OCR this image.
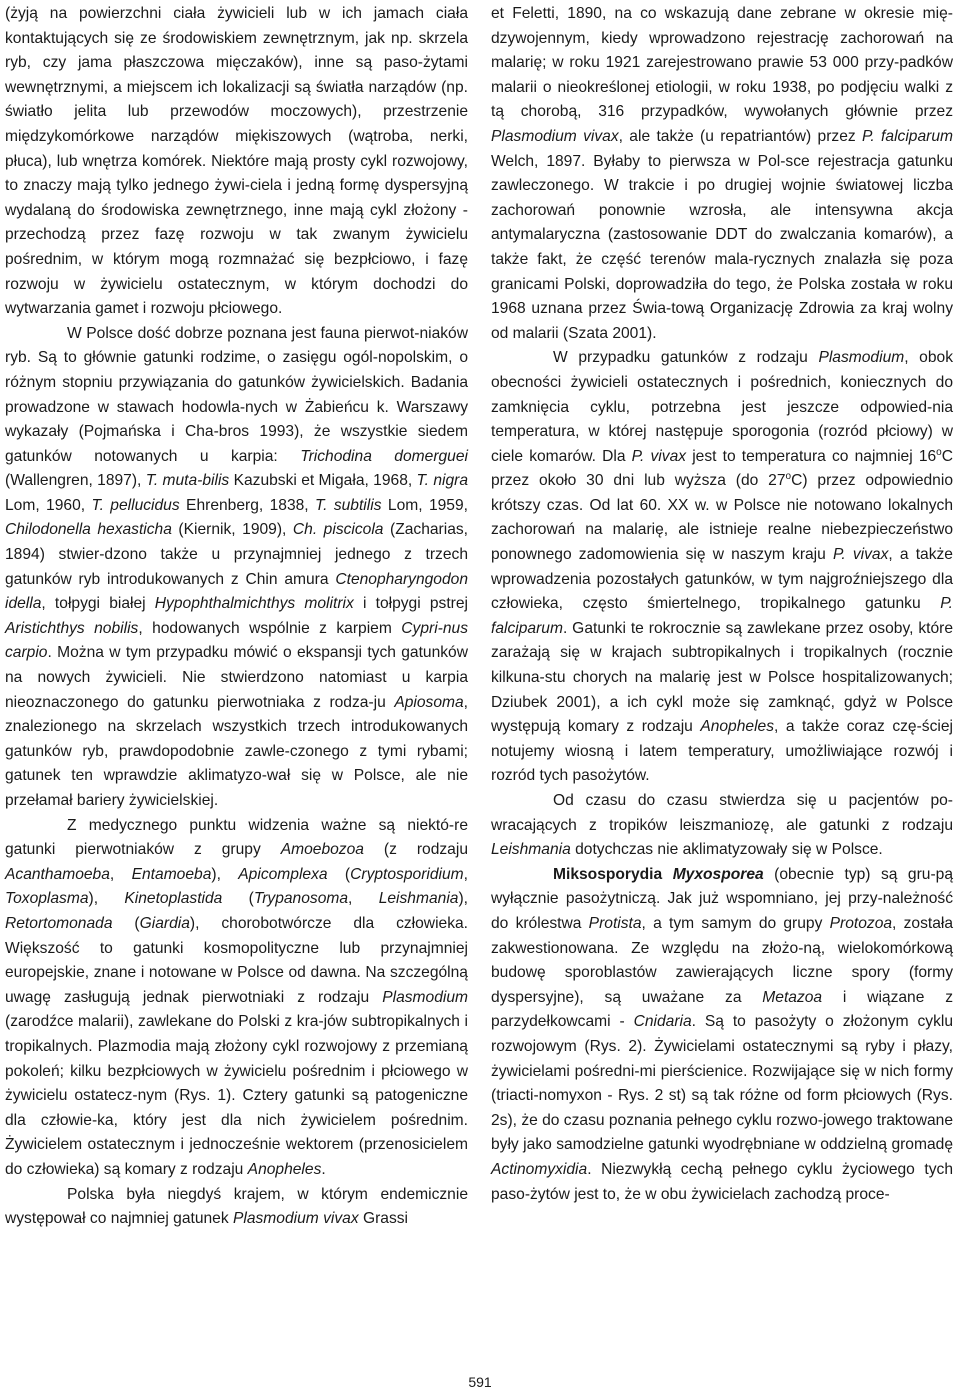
(żyją na powierzchni ciała żywicieli lub w ich jamach ciała kontaktujących się ze środowiskiem zewnętrznym, jak np. skrzela ryb, czy jama płaszczowa mięczaków), inne są paso-żytami wewnętrznymi, a miejscem ich lokalizacji są światła narządów (np. światło jelita lub przewodów moczowych), przestrzenie międzykomórkowe narządów miękiszowych (wątroba, nerki, płuca), lub wnętrza komórek. Niektóre mają prosty cykl rozwojowy, to znaczy mają tylko jednego żywi-ciela i jedną formę dyspersyjną wydalaną do środowiska zewnętrznego, inne mają cykl złożony - przechodzą przez fazę rozwoju w tak zwanym żywicielu pośrednim, w którym mogą rozmnażać się bezpłciowo, i fazę rozwoju w żywicielu ostatecznym, w którym dochodzi do wytwarzania gamet i rozwoju płciowego.

W Polsce dość dobrze poznana jest fauna pierwot-niaków ryb. Są to głównie gatunki rodzime, o zasięgu ogól-nopolskim, o różnym stopniu przywiązania do gatunków żywicielskich. Badania prowadzone w stawach hodowla-nych w Żabieńcu k. Warszawy wykazały (Pojmańska i Cha-bros 1993), że wszystkie siedem gatunków notowanych u karpia: Trichodina domerguei (Wallengren, 1897), T. muta-bilis Kazubski et Migała, 1968, T. nigra Lom, 1960, T. pellucidus Ehrenberg, 1838, T. subtilis Lom, 1959, Chilodonella hexasticha (Kiernik, 1909), Ch. piscicola (Zacharias, 1894) stwier-dzono także u przynajmniej jednego z trzech gatunków ryb introdukowanych z Chin amura Ctenopharyngodon idella, tołpygi białej Hypophthalmichthys molitrix i tołpygi pstrej Aristichthys nobilis, hodowanych wspólnie z karpiem Cypri-nus carpio. Można w tym przypadku mówić o ekspansji tych gatunków na nowych żywicieli. Nie stwierdzono natomiast u karpia nieoznaczonego do gatunku pierwotniaka z rodza-ju Apiosoma, znalezionego na skrzelach wszystkich trzech introdukowanych gatunków ryb, prawdopodobnie zawle-czonego z tymi rybami; gatunek ten wprawdzie aklimatyzo-wał się w Polsce, ale nie przełamał bariery żywicielskiej.

Z medycznego punktu widzenia ważne są niektó-re gatunki pierwotniaków z grupy Amoebozoa (z rodzaju Acanthamoeba, Entamoeba), Apicomplexa (Cryptosporidium, Toxoplasma), Kinetoplastida (Trypanosoma, Leishmania), Retortomonada (Giardia), chorobotwórcze dla człowieka. Większość to gatunki kosmopolityczne lub przynajmniej europejskie, znane i notowane w Polsce od dawna. Na szczególną uwagę zasługują jednak pierwotniaki z rodzaju Plasmodium (zarodźce malarii), zawlekane do Polski z kra-jów subtropikalnych i tropikalnych. Plazmodia mają złożony cykl rozwojowy z przemianą pokoleń; kilku bezpłciowych w żywicielu pośrednim i płciowego w żywicielu ostatecz-nym (Rys. 1). Cztery gatunki są patogeniczne dla człowie-ka, który jest dla nich żywicielem pośrednim. Żywicielem ostatecznym i jednocześnie wektorem (przenosicielem do człowieka) są komary z rodzaju Anopheles.

Polska była niegdyś krajem, w którym endemicznie występował co najmniej gatunek Plasmodium vivax Grassi

et Feletti, 1890, na co wskazują dane zebrane w okresie mię-dzywojennym, kiedy wprowadzono rejestrację zachorowań na malarię; w roku 1921 zarejestrowano prawie 53 000 przy-padków malarii o nieokreślonej etiologii, w roku 1938, po podjęciu walki z tą chorobą, 316 przypadków, wywołanych głównie przez Plasmodium vivax, ale także (u repatriantów) przez P. falciparum Welch, 1897. Byłaby to pierwsza w Pol-sce rejestracja gatunku zawleczonego. W trakcie i po drugiej wojnie światowej liczba zachorowań ponownie wzrosła, ale intensywna akcja antymalaryczna (zastosowanie DDT do zwalczania komarów), a także fakt, że część terenów mala-rycznych znalazła się poza granicami Polski, doprowadziła do tego, że Polska została w roku 1968 uznana przez Świa-tową Organizację Zdrowia za kraj wolny od malarii (Szata 2001).

W przypadku gatunków z rodzaju Plasmodium, obok obecności żywicieli ostatecznych i pośrednich, koniecznych do zamknięcia cyklu, potrzebna jest jeszcze odpowied-nia temperatura, w której następuje sporogonia (rozród płciowy) w ciele komarów. Dla P. vivax jest to temperatura co najmniej 16$^o$C przez około 30 dni lub wyższa (do 27$^o$C) przez odpowiednio krótszy czas. Od lat 60. XX w. w Polsce nie notowano lokalnych zachorowań na malarię, ale istnieje realne niebezpieczeństwo ponownego zadomowienia się w naszym kraju P. vivax, a także wprowadzenia pozostałych gatunków, w tym najgroźniejszego dla człowieka, często śmiertelnego, tropikalnego gatunku P. falciparum. Gatunki te rokrocznie są zawlekane przez osoby, które zarażają się w krajach subtropikalnych i tropikalnych (rocznie kilkuna-stu chorych na malarię jest w Polsce hospitalizowanych; Dziubek 2001), a ich cykl może się zamknąć, gdyż w Polsce występują komary z rodzaju Anopheles, a także coraz czę-ściej notujemy wiosną i latem temperatury, umożliwiające rozwój i rozród tych pasożytów.

Od czasu do czasu stwierdza się u pacjentów po-wracających z tropików leiszmaniozę, ale gatunki z rodzaju Leishmania dotychczas nie aklimatyzowały się w Polsce.

Miksosporydia Myxosporea (obecnie typ) są gru-pą wyłącznie pasożytniczą. Jak już wspomniano, jej przy-należność do królestwa Protista, a tym samym do grupy Protozoa, została zakwestionowana. Ze względu na złożo-ną, wielokomórkową budowę sporoblastów zawierających liczne spory (formy dyspersyjne), są uważane za Metazoa i wiązane z parzydełkowcami - Cnidaria. Są to pasożyty o złożonym cyklu rozwojowym (Rys. 2). Żywicielami ostatecznymi są ryby i płazy, żywicielami pośredni-mi pierścienice. Rozwijające się w nich formy (triacti-nomyxon - Rys. 2 st) są tak różne od form płciowych (Rys. 2s), że do czasu poznania pełnego cyklu rozwo-jowego traktowane były jako samodzielne gatunki wyodrębniane w oddzielną gromadę Actinomyxidia. Niezwykłą cechą pełnego cyklu życiowego tych paso-żytów jest to, że w obu żywicielach zachodzą proce-

591
